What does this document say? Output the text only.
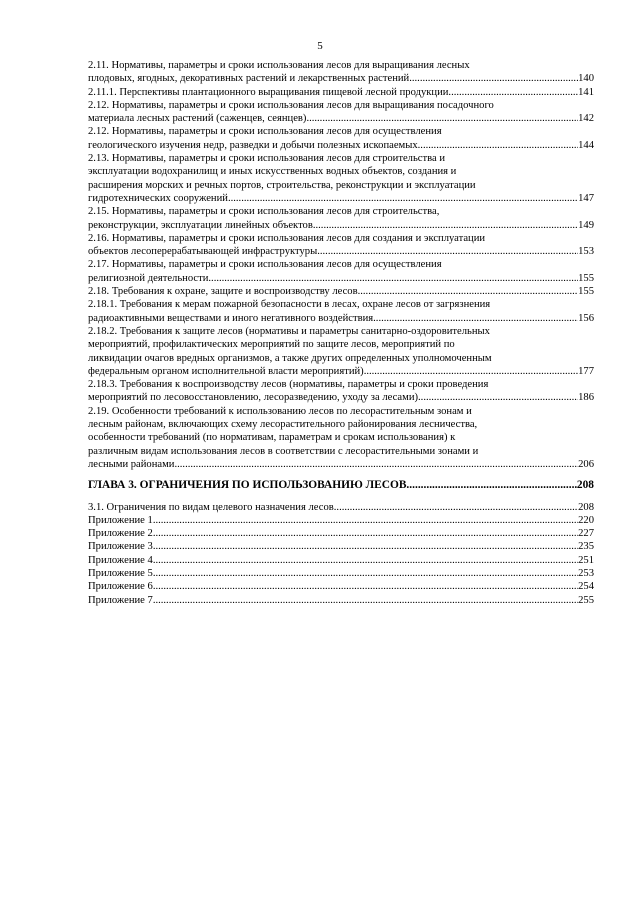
5
2.11. Нормативы, параметры и сроки использования лесов для выращивания лесных
плодовых, ягодных, декоративных растений и лекарственных растений .....	140
2.11.1. Перспективы плантационного выращивания пищевой лесной продукции .....	141
2.12. Нормативы, параметры и сроки использования лесов для выращивания посадочного
материала лесных растений (саженцев, сеянцев) .....	142
2.12. Нормативы, параметры и сроки использования лесов для осуществления
геологического изучения недр, разведки и добычи полезных ископаемых .....	144
2.13. Нормативы, параметры и сроки использования лесов для строительства и
эксплуатации водохранилищ и иных искусственных водных объектов, создания и
расширения морских и речных портов, строительства, реконструкции и эксплуатации
гидротехнических сооружений .....	147
2.15. Нормативы, параметры и сроки использования лесов для строительства,
реконструкции, эксплуатации линейных объектов .....	149
2.16. Нормативы, параметры и сроки использования лесов для создания и эксплуатации
объектов лесоперерабатывающей инфраструктуры .....	153
2.17. Нормативы, параметры и сроки использования лесов для осуществления
религиозной деятельности .....	155
2.18. Требования к охране, защите и воспроизводству лесов .....	155
2.18.1. Требования к мерам пожарной безопасности в лесах, охране лесов от загрязнения
радиоактивными веществами и иного негативного воздействия .....	156
2.18.2. Требования к защите лесов (нормативы и параметры санитарно-оздоровительных
мероприятий, профилактических мероприятий по защите лесов, мероприятий по
ликвидации очагов вредных организмов, а также других определенных уполномоченным
федеральным органом исполнительной власти мероприятий) .....	177
2.18.3. Требования к воспроизводству лесов (нормативы, параметры и сроки проведения
мероприятий по лесовосстановлению, лесоразведению, уходу за лесами) .....	186
2.19. Особенности требований к использованию лесов по лесорастительным зонам и
лесным районам, включающих схему лесорастительного районирования лесничества,
особенности требований (по нормативам, параметрам и срокам использования) к
различным видам использования лесов в соответствии с лесорастительными зонами и
лесными районами .....	206
ГЛАВА 3. ОГРАНИЧЕНИЯ ПО ИСПОЛЬЗОВАНИЮ ЛЕСОВ .....	208
3.1. Ограничения по видам целевого назначения лесов .....	208
Приложение 1 .....	220
Приложение 2 .....	227
Приложение 3 .....	235
Приложение 4 .....	251
Приложение 5 .....	253
Приложение 6 .....	254
Приложение 7 .....	255
